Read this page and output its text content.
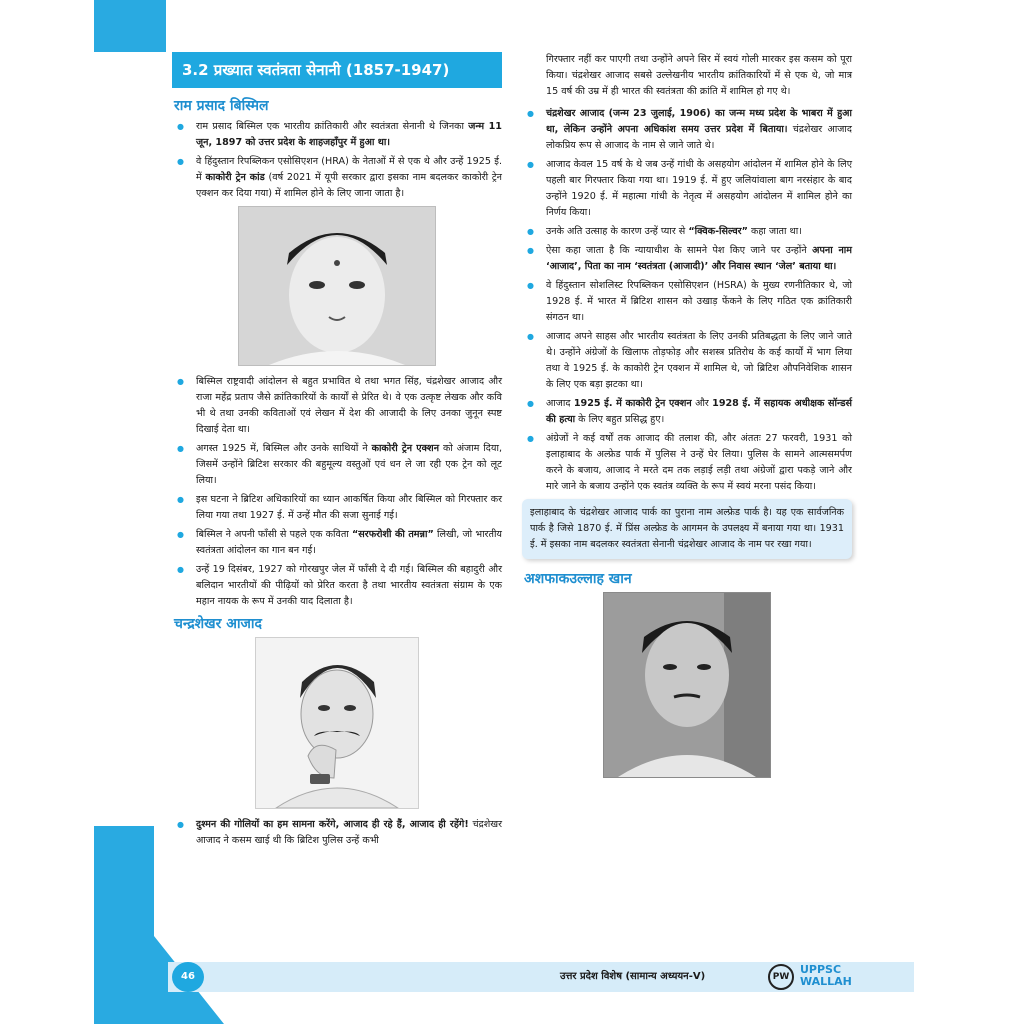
3.2 प्रख्यात स्वतंत्रता सेनानी (1857-1947)
राम प्रसाद बिस्मिल
● राम प्रसाद बिस्मिल एक भारतीय क्रांतिकारी और स्वतंत्रता सेनानी थे जिनका जन्म 11 जून, 1897 को उत्तर प्रदेश के शाहजहाँपुर में हुआ था।
● वे हिंदुस्तान रिपब्लिकन एसोसिएशन (HRA) के नेताओं में से एक थे और उन्हें 1925 ई. में काकोरी ट्रेन कांड (वर्ष 2021 में यूपी सरकार द्वारा इसका नाम बदलकर काकोरी ट्रेन एक्शन कर दिया गया) में शामिल होने के लिए जाना जाता है।
● बिस्मिल राष्ट्रवादी आंदोलन से बहुत प्रभावित थे तथा भगत सिंह, चंद्रशेखर आजाद और राजा महेंद्र प्रताप जैसे क्रांतिकारियों के कार्यों से प्रेरित थे। वे एक उत्कृष्ट लेखक और कवि भी थे तथा उनकी कविताओं एवं लेखन में देश की आजादी के लिए उनका जुनून स्पष्ट दिखाई देता था।
● अगस्त 1925 में, बिस्मिल और उनके साथियों ने काकोरी ट्रेन एक्शन को अंजाम दिया, जिसमें उन्होंने ब्रिटिश सरकार की बहुमूल्य वस्तुओं एवं धन ले जा रही एक ट्रेन को लूट लिया।
● इस घटना ने ब्रिटिश अधिकारियों का ध्यान आकर्षित किया और बिस्मिल को गिरफ्तार कर लिया गया तथा 1927 ई. में उन्हें मौत की सजा सुनाई गई।
● बिस्मिल ने अपनी फाँसी से पहले एक कविता “सरफरोशी की तमन्ना” लिखी, जो भारतीय स्वतंत्रता आंदोलन का गान बन गई।
● उन्हें 19 दिसंबर, 1927 को गोरखपुर जेल में फाँसी दे दी गई। बिस्मिल की बहादुरी और बलिदान भारतीयों की पीढ़ियों को प्रेरित करता है तथा भारतीय स्वतंत्रता संग्राम के एक महान नायक के रूप में उनकी याद दिलाता है।
चन्द्रशेखर आजाद
● दुश्मन की गोलियों का हम सामना करेंगे, आजाद ही रहे हैं, आजाद ही रहेंगे! चंद्रशेखर आजाद ने कसम खाई थी कि ब्रिटिश पुलिस उन्हें कभी

गिरफ्तार नहीं कर पाएगी तथा उन्होंने अपने सिर में स्वयं गोली मारकर इस कसम को पूरा किया। चंद्रशेखर आजाद सबसे उल्लेखनीय भारतीय क्रांतिकारियों में से एक थे, जो मात्र 15 वर्ष की उम्र में ही भारत की स्वतंत्रता की क्रांति में शामिल हो गए थे।

● चंद्रशेखर आजाद (जन्म 23 जुलाई, 1906) का जन्म मध्य प्रदेश के भाबरा में हुआ था, लेकिन उन्होंने अपना अधिकांश समय उत्तर प्रदेश में बिताया। चंद्रशेखर आजाद लोकप्रिय रूप से आजाद के नाम से जाने जाते थे।
● आजाद केवल 15 वर्ष के थे जब उन्हें गांधी के असहयोग आंदोलन में शामिल होने के लिए पहली बार गिरफ्तार किया गया था। 1919 ई. में हुए जलियांवाला बाग नरसंहार के बाद उन्होंने 1920 ई. में महात्मा गांधी के नेतृत्व में असहयोग आंदोलन में शामिल होने का निर्णय किया।
● उनके अति उत्साह के कारण उन्हें प्यार से “क्विक-सिल्वर” कहा जाता था।
● ऐसा कहा जाता है कि न्यायाधीश के सामने पेश किए जाने पर उन्होंने अपना नाम ‘आजाद’, पिता का नाम ‘स्वतंत्रता (आजादी)’ और निवास स्थान ‘जेल’ बताया था।
● वे हिंदुस्तान सोशलिस्ट रिपब्लिकन एसोसिएशन (HSRA) के मुख्य रणनीतिकार थे, जो 1928 ई. में भारत में ब्रिटिश शासन को उखाड़ फेंकने के लिए गठित एक क्रांतिकारी संगठन था।
● आजाद अपने साहस और भारतीय स्वतंत्रता के लिए उनकी प्रतिबद्धता के लिए जाने जाते थे। उन्होंने अंग्रेजों के खिलाफ तोड़फोड़ और सशस्त्र प्रतिरोध के कई कार्यों में भाग लिया तथा वे 1925 ई. के काकोरी ट्रेन एक्शन में शामिल थे, जो ब्रिटिश औपनिवेशिक शासन के लिए एक बड़ा झटका था।
● आजाद 1925 ई. में काकोरी ट्रेन एक्शन और 1928 ई. में सहायक अधीक्षक सॉन्डर्स की हत्या के लिए बहुत प्रसिद्ध हुए।
● अंग्रेजों ने कई वर्षों तक आजाद की तलाश की, और अंततः 27 फरवरी, 1931 को इलाहाबाद के अल्फ्रेड पार्क में पुलिस ने उन्हें घेर लिया। पुलिस के सामने आत्मसमर्पण करने के बजाय, आजाद ने मरते दम तक लड़ाई लड़ी तथा अंग्रेजों द्वारा पकड़े जाने और मारे जाने के बजाय उन्होंने एक स्वतंत्र व्यक्ति के रूप में स्वयं मरना पसंद किया।
इलाहाबाद के चंद्रशेखर आजाद पार्क का पुराना नाम अल्फ्रेड पार्क है। यह एक सार्वजनिक पार्क है जिसे 1870 ई. में प्रिंस अल्फ्रेड के आगमन के उपलक्ष्य में बनाया गया था। 1931 ई. में इसका नाम बदलकर स्वतंत्रता सेनानी चंद्रशेखर आजाद के नाम पर रखा गया।
अशफाकउल्लाह खान
46	उत्तर प्रदेश विशेष (सामान्य अध्ययन-V)	PW
UPPSC
WALLAH
